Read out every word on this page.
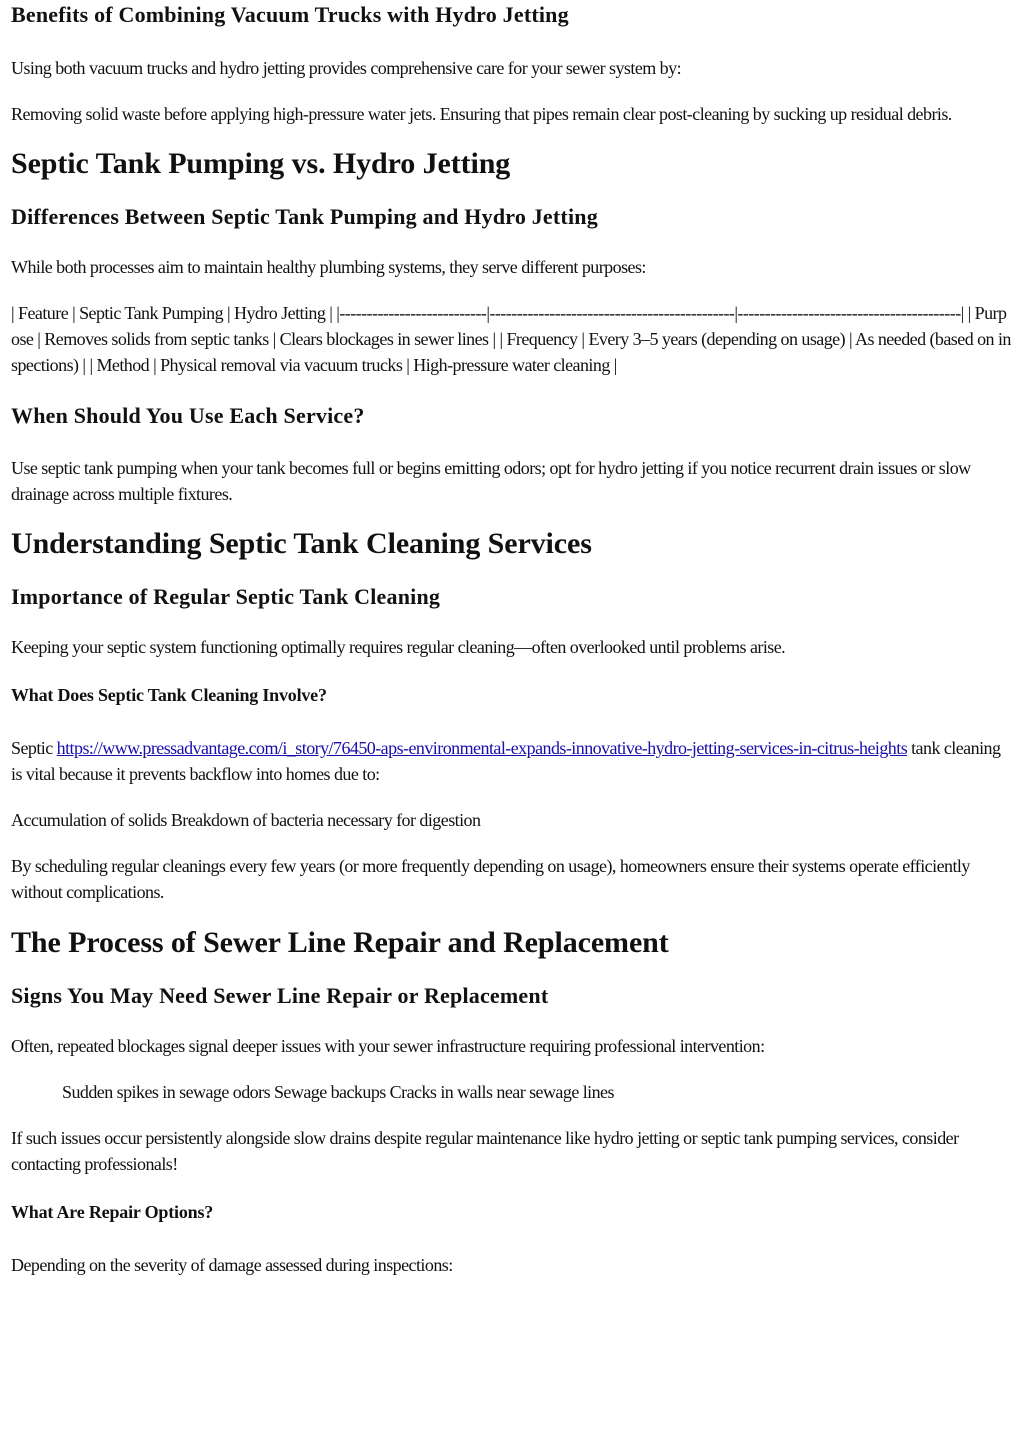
Benefits of Combining Vacuum Trucks with Hydro Jetting

Using both vacuum trucks and hydro jetting provides comprehensive care for your sewer system by:

Removing solid waste before applying high-pressure water jets. Ensuring that pipes remain clear post-cleaning by sucking up residual debris.

Septic Tank Pumping vs. Hydro Jetting
Differences Between Septic Tank Pumping and Hydro Jetting

While both processes aim to maintain healthy plumbing systems, they serve different purposes:

| Feature | Septic Tank Pumping | Hydro Jetting | |---------------------------|---------------------------------------------|-----------------------------------------| | Purpose | Removes solids from septic tanks | Clears blockages in sewer lines | | Frequency | Every 3–5 years (depending on usage) | As needed (based on inspections) | | Method | Physical removal via vacuum trucks | High-pressure water cleaning |

When Should You Use Each Service?

Use septic tank pumping when your tank becomes full or begins emitting odors; opt for hydro jetting if you notice recurrent drain issues or slow drainage across multiple fixtures.

Understanding Septic Tank Cleaning Services
Importance of Regular Septic Tank Cleaning

Keeping your septic system functioning optimally requires regular cleaning—often overlooked until problems arise.

What Does Septic Tank Cleaning Involve?

Septic https://www.pressadvantage.com/i_story/76450-aps-environmental-expands-innovative-hydro-jetting-services-in-citrus-heights tank cleaning is vital because it prevents backflow into homes due to:

Accumulation of solids Breakdown of bacteria necessary for digestion

By scheduling regular cleanings every few years (or more frequently depending on usage), homeowners ensure their systems operate efficiently without complications.

The Process of Sewer Line Repair and Replacement
Signs You May Need Sewer Line Repair or Replacement

Often, repeated blockages signal deeper issues with your sewer infrastructure requiring professional intervention:

Sudden spikes in sewage odors Sewage backups Cracks in walls near sewage lines

If such issues occur persistently alongside slow drains despite regular maintenance like hydro jetting or septic tank pumping services, consider contacting professionals!

What Are Repair Options?

Depending on the severity of damage assessed during inspections:
